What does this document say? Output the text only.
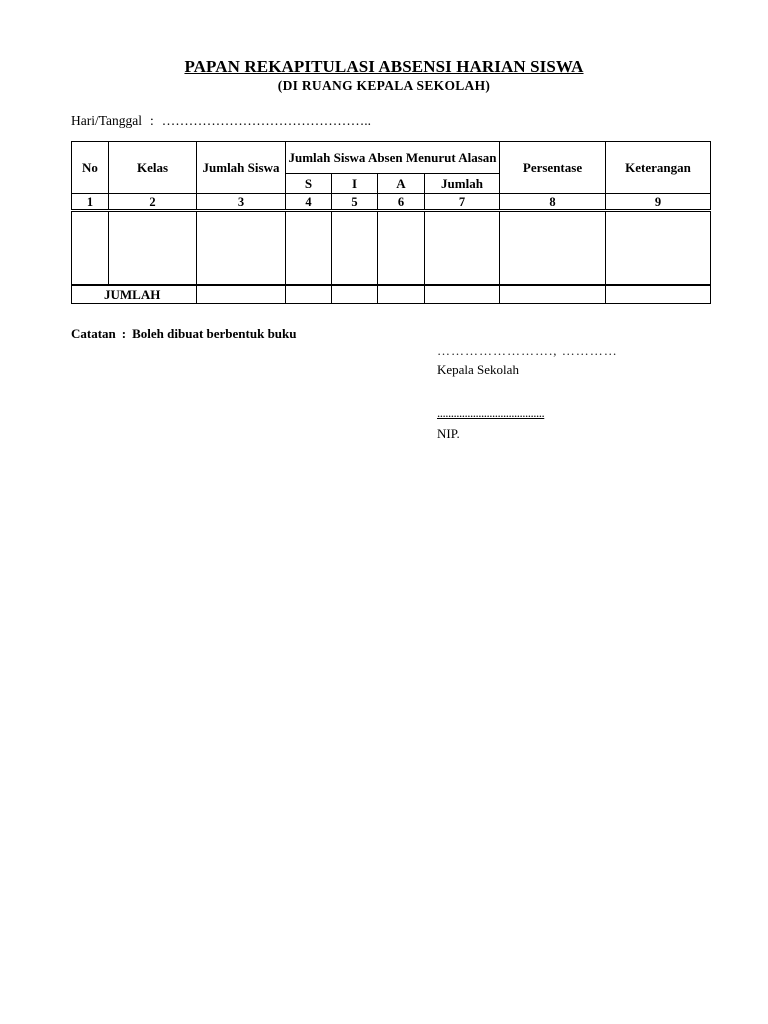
PAPAN REKAPITULASI ABSENSI HARIAN SISWA
(DI RUANG KEPALA SEKOLAH)
Hari/Tanggal : ………………………………………..
No	Kelas	Jumlah Siswa	Jumlah Siswa Absen Menurut Alasan				Persentase	Keterangan
			S	I	A	Jumlah		
1	2	3	4	5	6	7	8	9

JUMLAH								
Catatan : Boleh dibuat berbentuk buku
……………………., …………
Kepala Sekolah
.......................................
NIP.
